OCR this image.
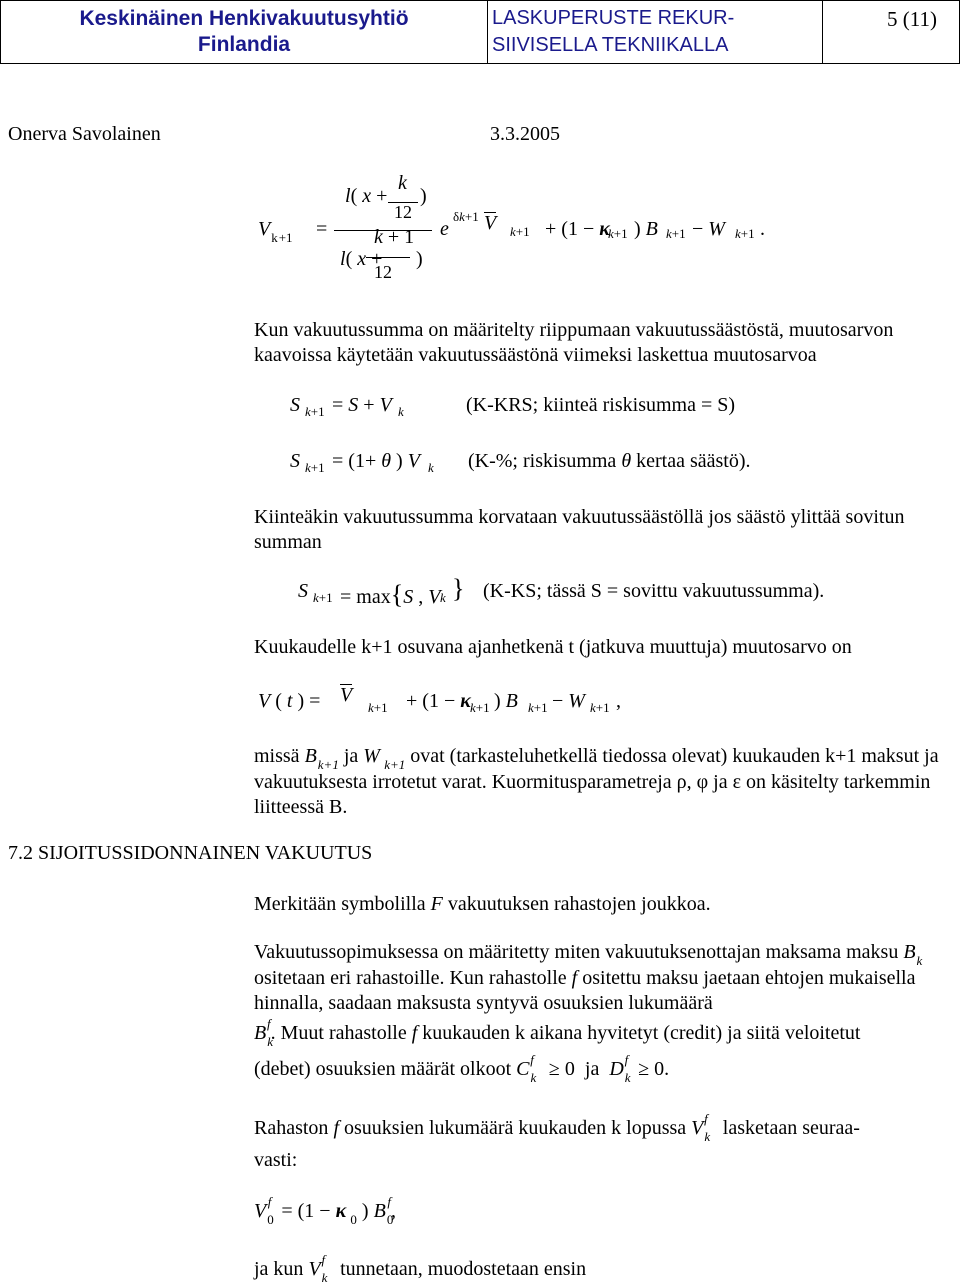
Keskinäinen Henkivakuutusyhtiö
Finlandia
LASKUPERUSTE REKUR-
SIIVISELLA TEKNIIKALLA
5 (11)
Onerva Savolainen	3.3.2005
$V_{k+1}$ =
l( x +
k
12
)
k + 1
l( x + )
12
e
δk+1 V k+1 + (1 − κ
k+1 ) B k+1 − W k+1 .
Kun vakuutussumma on määritelty riippumaan vakuutussäästöstä, muutosarvon kaavoissa käytetään vakuutussäästönä viimeksi laskettua muutosarvoa
S k+1 = S + V k	(K-KRS; kiinteä riskisumma = S)
S k+1 = (1+ θ ) V k (K-%; riskisumma θ kertaa säästö).
Kiinteäkin vakuutussumma korvataan vakuutussäästöllä jos säästö ylittää sovitun summan
S k+1 = max{S , V k } (K-KS; tässä S = sovittu vakuutussumma).
Kuukaudelle k+1 osuvana ajanhetkenä t (jatkuva muuttuja) muutosarvo on
V ( t ) = V
k+1 + (1 − κ k+1 ) B k+1 − W k+1 ,
missä $B_{k+1}$ ja W $_{k+1}$ ovat (tarkasteluhetkellä tiedossa olevat) kuukauden k+1 maksut ja vakuutuksesta irrotetut varat. Kuormitusparametreja ρ, φ ja ε on käsitelty tarkemmin liitteessä B.
7.2 SIJOITUSSIDONNAINEN VAKUUTUS
Merkitään symbolilla F vakuutuksen rahastojen joukkoa.
Vakuutussopimuksessa on määritetty miten vakuutuksenottajan maksama maksu $B_k$ ositetaan eri rahastoille. Kun rahastolle f ositettu maksu jaetaan ehtojen mukaisella hinnalla, saadaan maksusta syntyvä osuuksien lukumäärä
$B_k^f$. Muut rahastolle f kuukauden k aikana hyvitetyt (credit) ja siitä veloitetut
(debet) osuuksien määrät olkoot $C_k^f \ge 0$  ja $D_k^f \ge 0$.
Rahaston f osuuksien lukumäärä kuukauden k lopussa $V_k^f$   lasketaan seuraa-
vasti:
$V_0^f = (1 - \kappa$ $_0$ ) $B_0^f$,
ja kun $V_k^f$ tunnetaan, muodostetaan ensin
